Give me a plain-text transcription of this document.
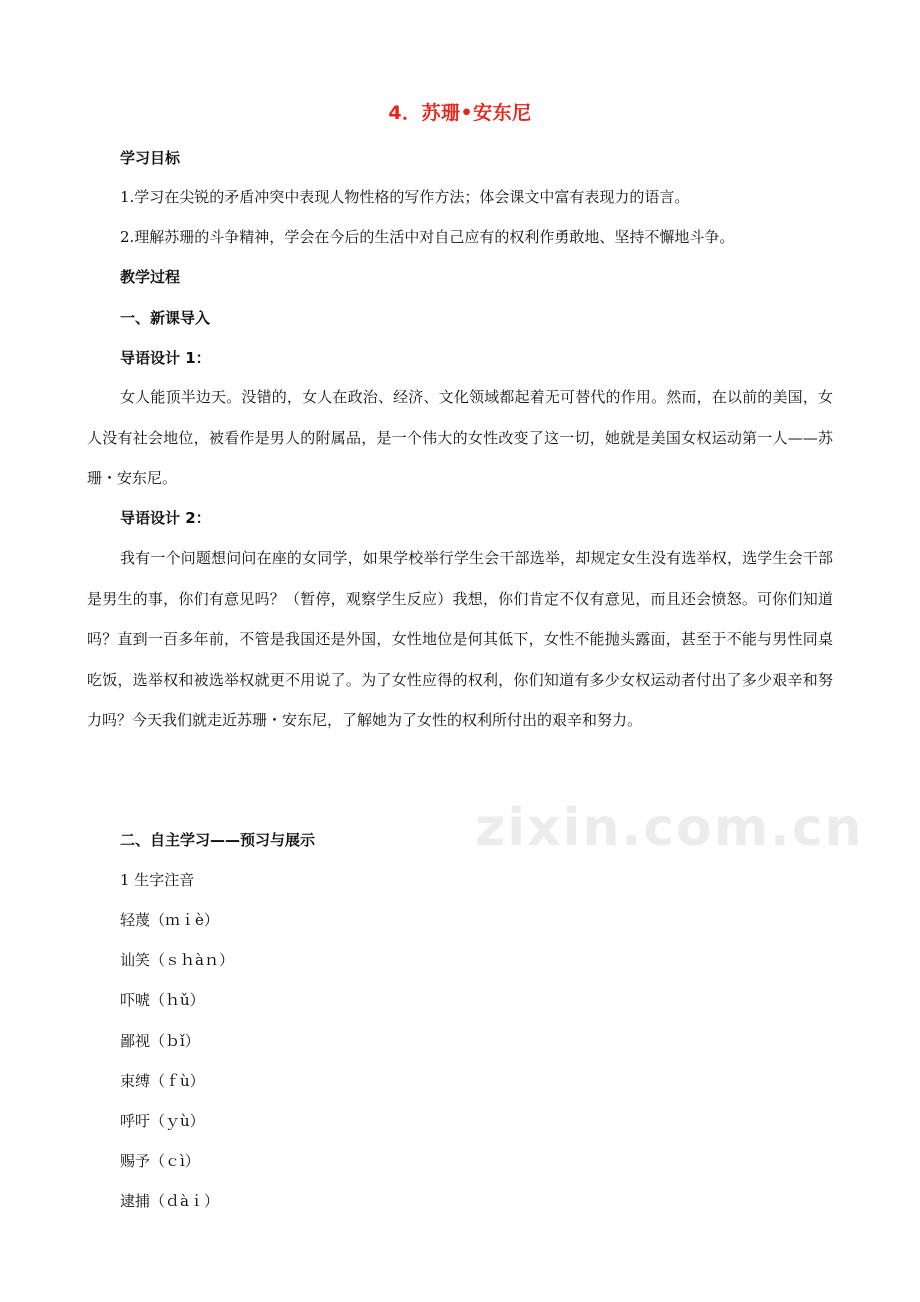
zixin.com.cn
4．苏珊•安东尼
学习目标
1.学习在尖锐的矛盾冲突中表现人物性格的写作方法；体会课文中富有表现力的语言。
2.理解苏珊的斗争精神，学会在今后的生活中对自己应有的权利作勇敢地、坚持不懈地斗争。
教学过程
一、新课导入
导语设计 1：
女人能顶半边天。没错的，女人在政治、经济、文化领域都起着无可替代的作用。然而，在以前的美国，女人没有社会地位，被看作是男人的附属品，是一个伟大的女性改变了这一切，她就是美国女权运动第一人——苏珊・安东尼。
导语设计 2：
我有一个问题想问问在座的女同学，如果学校举行学生会干部选举，却规定女生没有选举权，选学生会干部是男生的事，你们有意见吗？（暂停，观察学生反应）我想，你们肯定不仅有意见，而且还会愤怒。可你们知道吗？直到一百多年前，不管是我国还是外国，女性地位是何其低下，女性不能抛头露面，甚至于不能与男性同桌吃饭，选举权和被选举权就更不用说了。为了女性应得的权利，你们知道有多少女权运动者付出了多少艰辛和努力吗？今天我们就走近苏珊・安东尼，了解她为了女性的权利所付出的艰辛和努力。
二、自主学习——预习与展示
1 生字注音
轻蔑（ｍｉè）
讪笑（ｓｈàｎ）
吓唬（ｈǔ）
鄙视（ｂǐ）
束缚（ｆù）
呼吁（ｙù）
赐予（ｃì）
逮捕（ｄàｉ）
